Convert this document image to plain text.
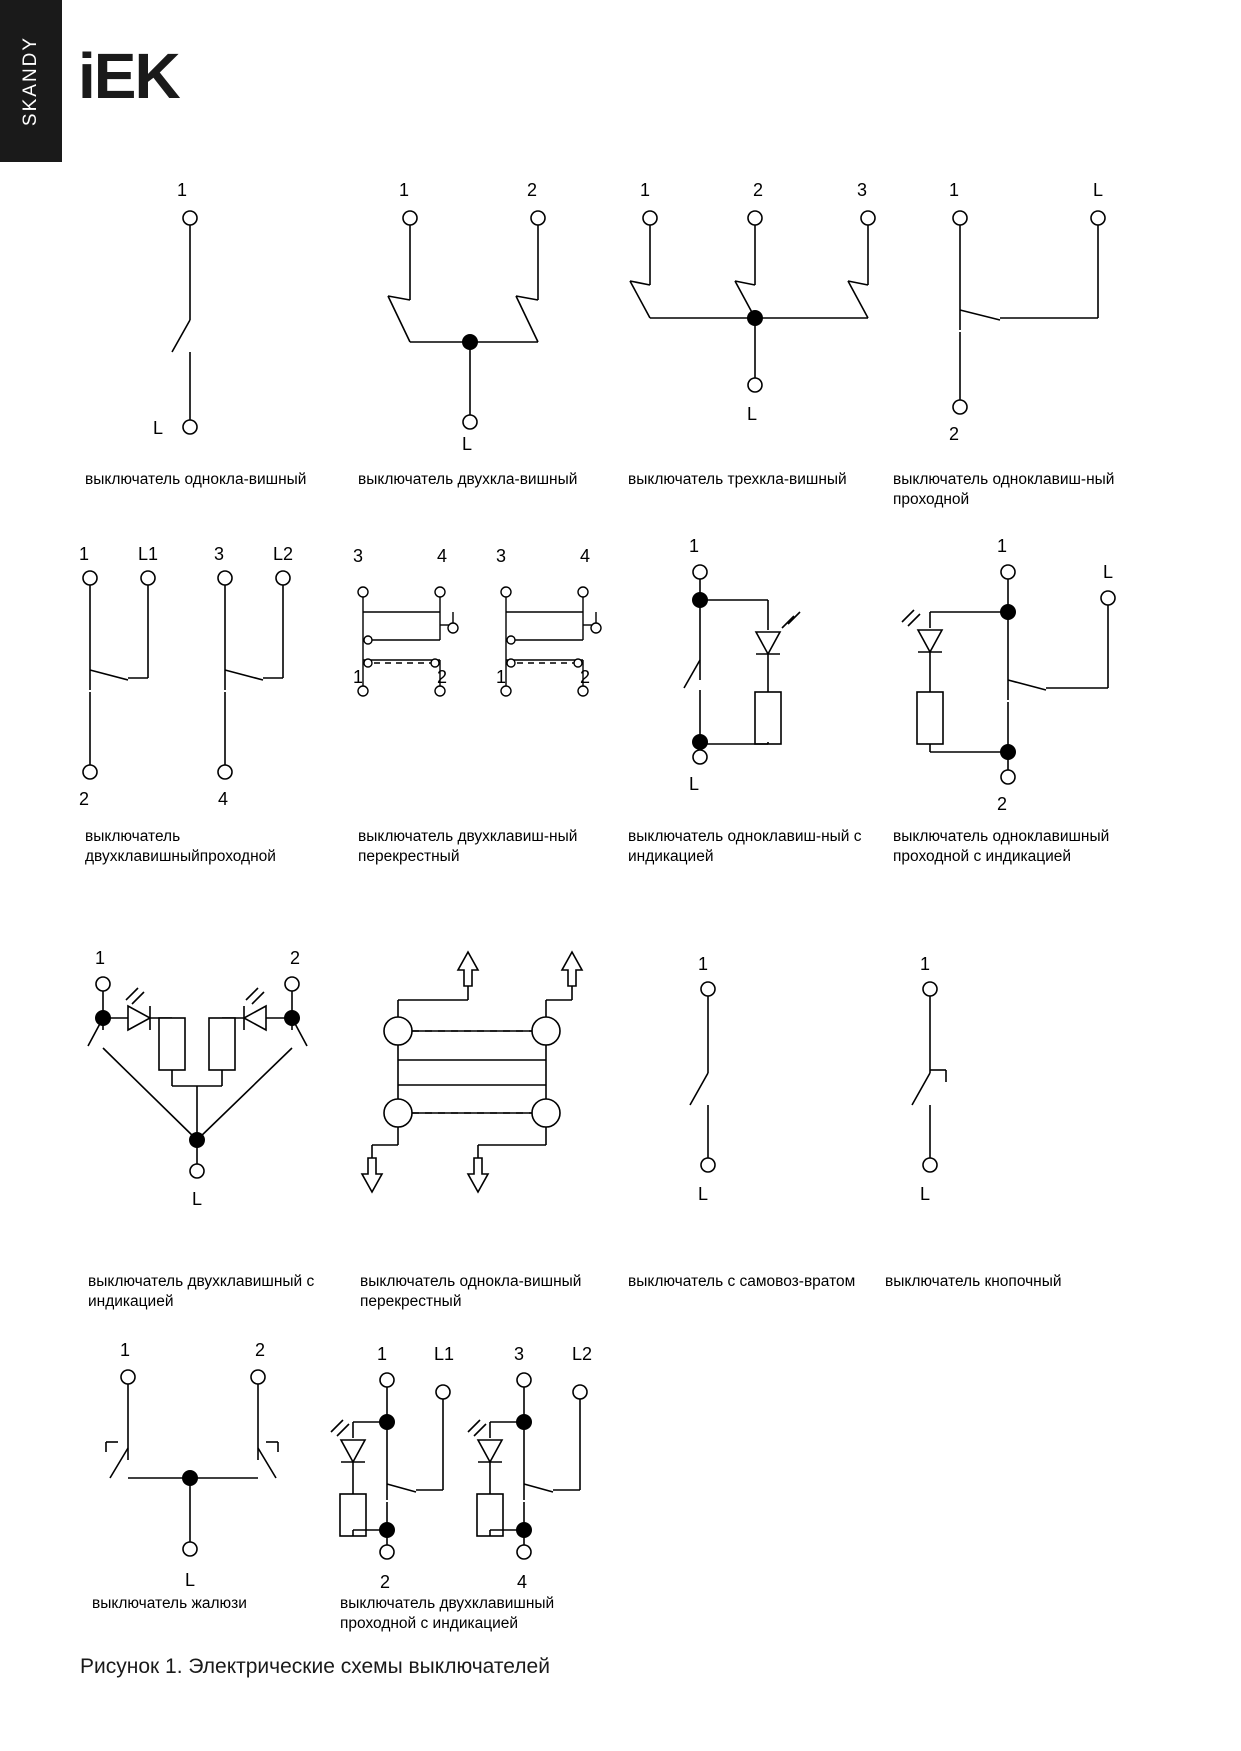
SKANDY iEK
1
L
1	2
L
1	2	3
L
1	L
2
выключатель однокла-вишный	выключатель двухкла-вишный	выключатель трехкла-вишный	выключатель одноклавиш-ный проходной
1	L1	3	L2
2	4
3	4
1	2
3	4
1	2
1
L
1
L
2
выключатель двухклавишныйпроходной
выключатель двухклавиш-ный перекрестный
выключатель одноклавиш-ный с индикацией
выключатель одноклавишный проходной с индикацией
1	2
L
1
L
1
L
выключатель двухклавишный с индикацией
выключатель однокла-вишный перекрестный
выключатель с самовоз-вратом выключатель кнопочный
1	2
L
1	L1	3	L2
2	4
выключатель жалюзи	выключатель двухклавишный проходной с индикацией
Рисунок 1. Электрические схемы выключателей
